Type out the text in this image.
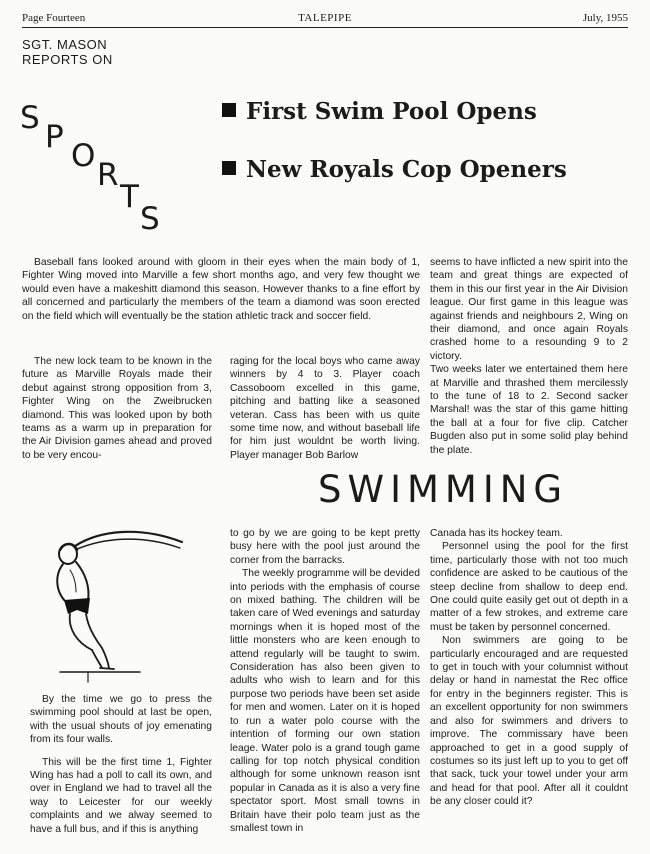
Page Fourteen	TALEPIPE	July, 1955
SGT. MASON
REPORTS ON
S
P
O
R
T
S
First Swim Pool Opens
New Royals Cop Openers

Baseball fans looked around with gloom in their eyes when the main body of 1, Fighter Wing moved into Marville a few short months ago, and very few thought we would even have a makeshitt diamond this season. However thanks to a fine effort by all concerned and particularly the members of the team a diamond was soon erected on the field which will eventually be the station athletic track and soccer field.

The new lock team to be known in the future as Marville Royals made their debut against strong opposition from 3, Fighter Wing on the Zweibrucken diamond. This was looked upon by both teams as a warm up in preparation for the Air Division games ahead and proved to be very encou-

raging for the local boys who came away winners by 4 to 3. Player coach Cassoboom excelled in this game, pitching and batting like a seasoned veteran. Cass has been with us quite some time now, and without baseball life for him just wouldnt be worth living. Player manager Bob Barlow

seems to have inflicted a new spirit into the team and great things are expected of them in this our first year in the Air Division league. Our first game in this league was against friends and neighbours 2, Wing on their diamond, and once again Royals crashed home to a resounding 9 to 2 victory.

Two weeks later we entertained them here at Marville and thrashed them mercilessly to the tune of 18 to 2. Second sacker Marshal! was the star of this game hitting the ball at a four for five clip. Catcher Bugden also put in some solid play behind the plate.

SWIMMING

By the time we go to press the swimming pool should at last be open, with the usual shouts of joy emenating from its four walls.

This will be the first time 1, Fighter Wing has had a poll to call its own, and over in England we had to travel all the way to Leicester for our weekly complaints and we alway seemed to have a full bus, and if this is anything

to go by we are going to be kept pretty busy here with the pool just around the corner from the barracks.

The weekly programme will be devided into periods with the emphasis of course on mixed bathing. The children will be taken care of Wed evenings and saturday mornings when it is hoped most of the little monsters who are keen enough to attend regularly will be taught to swim. Consideration has also been given to adults who wish to learn and for this purpose two periods have been set aside for men and women. Later on it is hoped to run a water polo course with the intention of forming our own station leage. Water polo is a grand tough game calling for top notch physical condition although for some unknown reason isnt popular in Canada as it is also a very fine spectator sport. Most small towns in Britain have their polo team just as the smallest town in

Canada has its hockey team.

Personnel using the pool for the first time, particularly those with not too much confidence are asked to be cautious of the steep decline from shallow to deep end. One could quite easily get out ot depth in a matter of a few strokes, and extreme care must be taken by personnel concerned.

Non swimmers are going to be particularly encouraged and are requested to get in touch with your columnist without delay or hand in namestat the Rec office for entry in the beginners register. This is an excellent opportunity for non swimmers and also for swimmers and drivers to improve. The commissary have been approached to get in a good supply of costumes so its just left up to you to get off that sack, tuck your towel under your arm and head for that pool. After all it couldnt be any closer could it?
